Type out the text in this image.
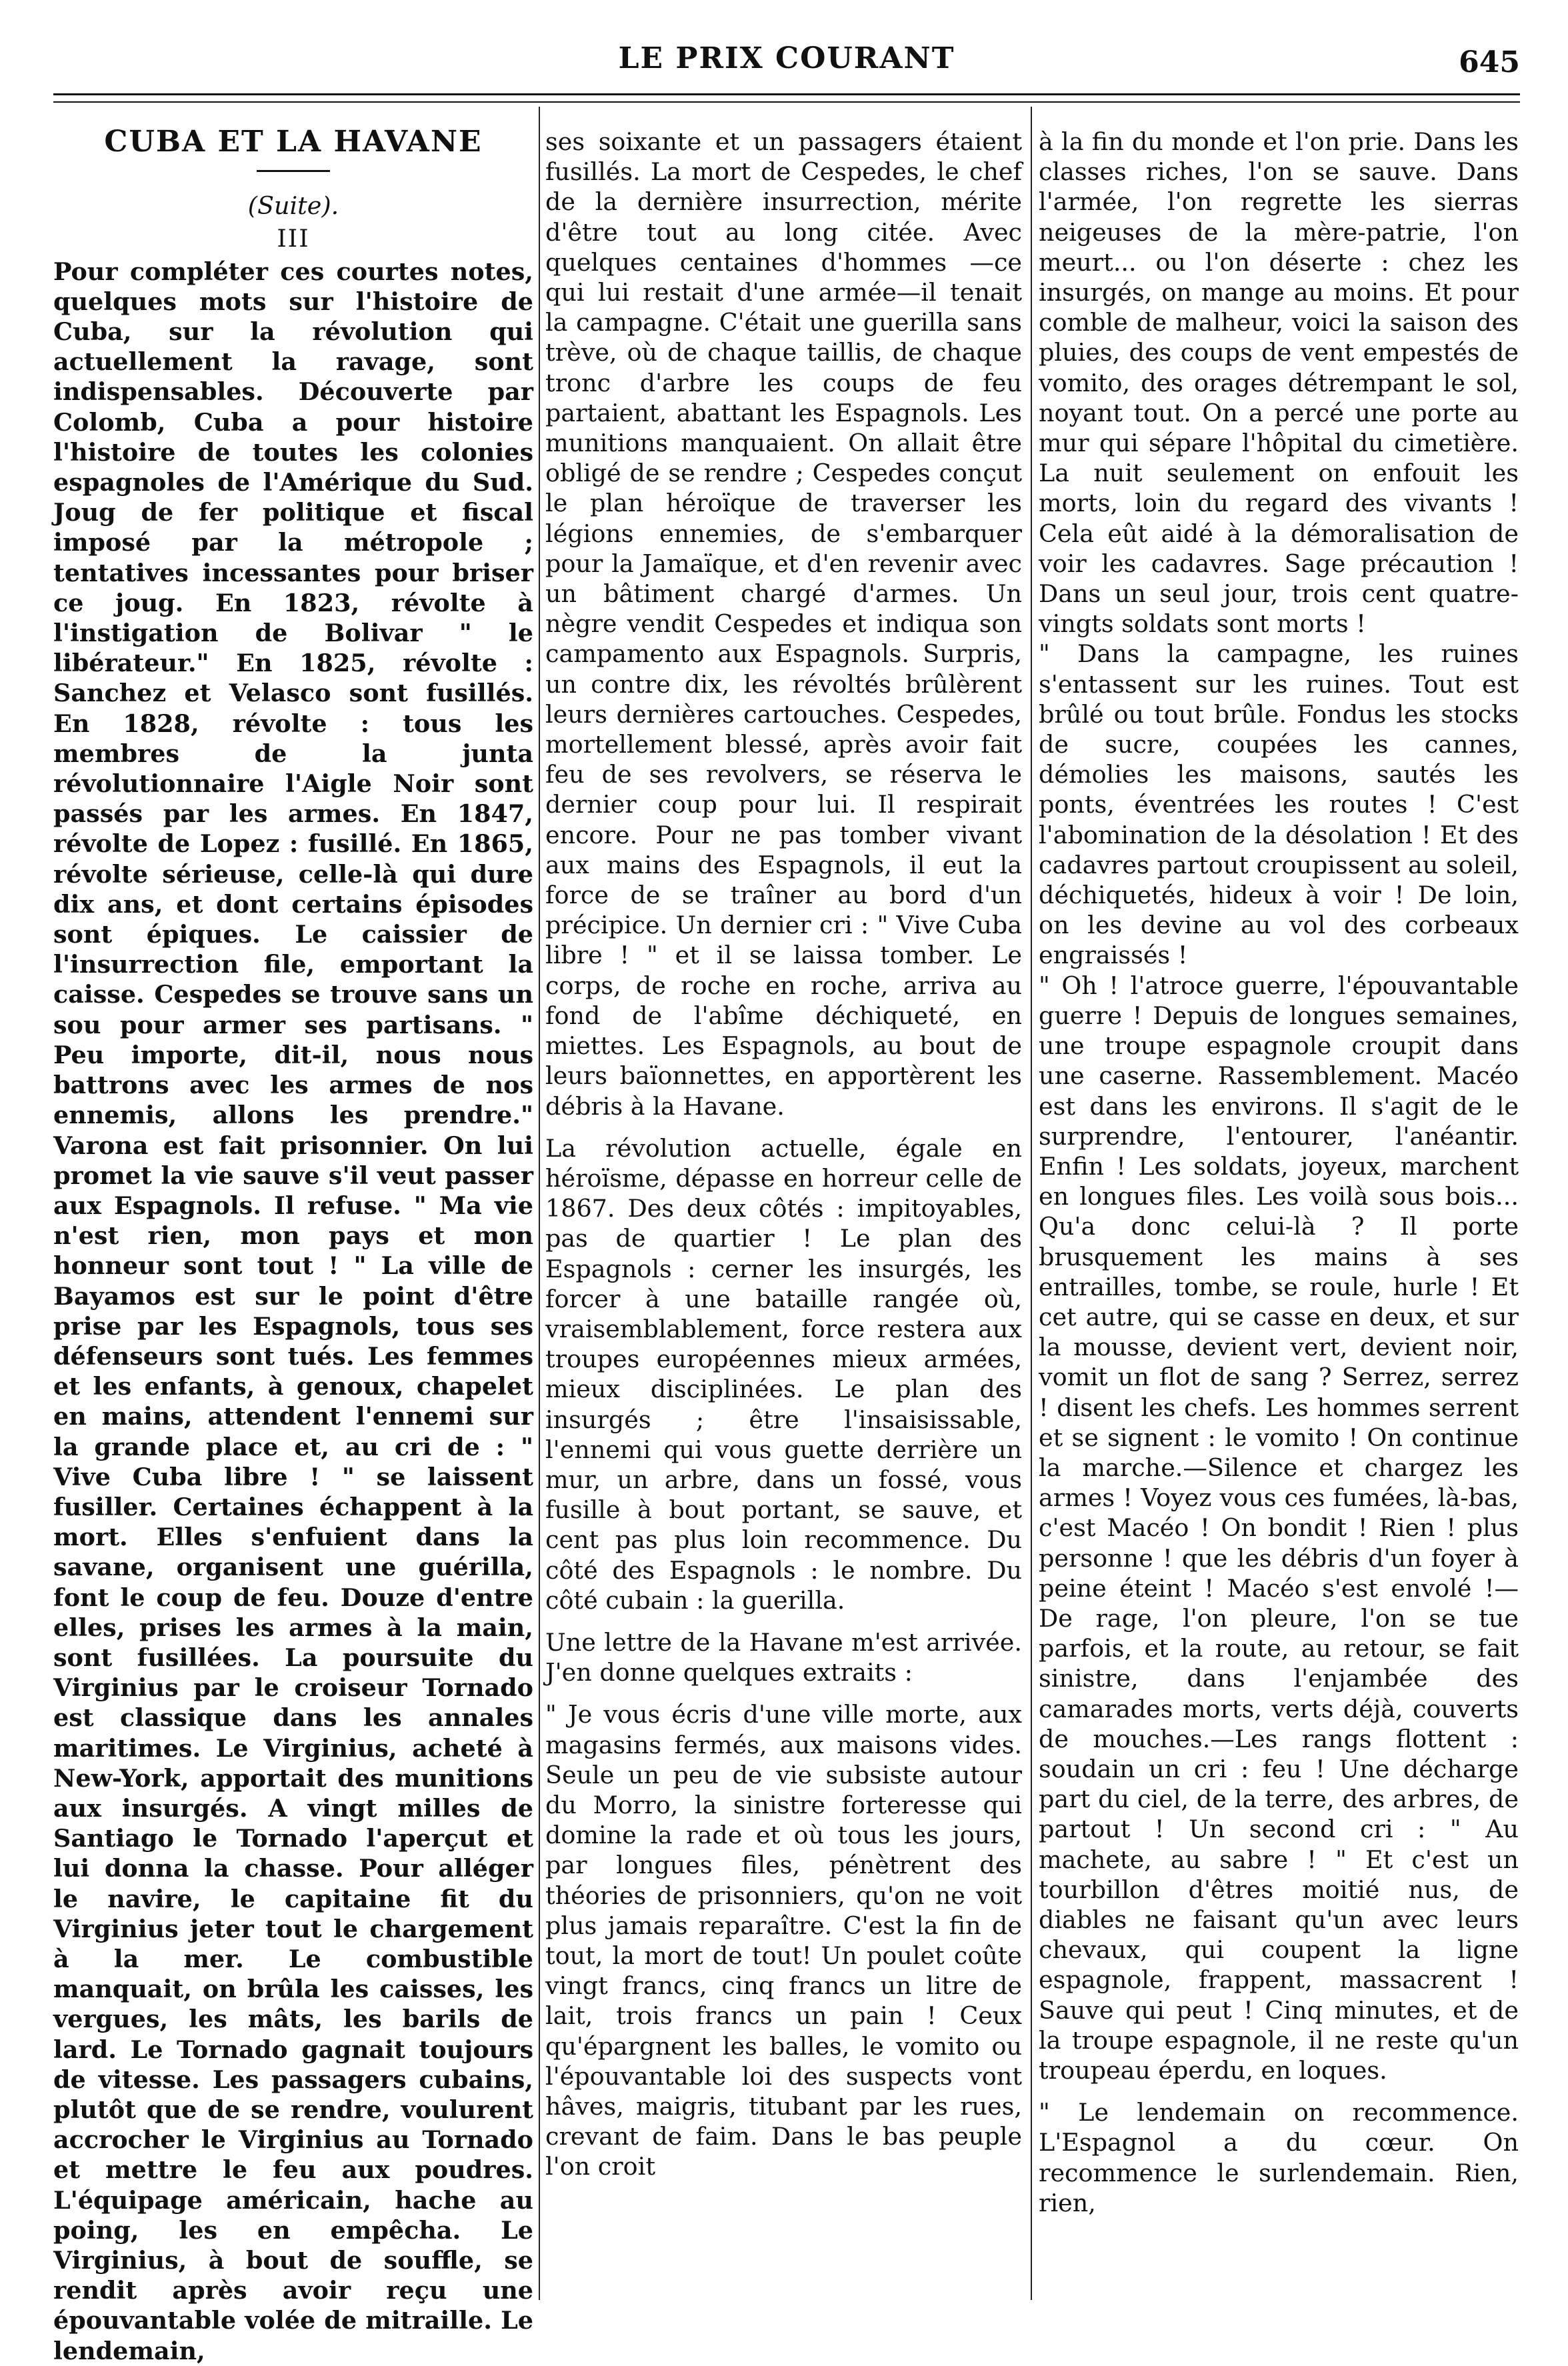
LE PRIX COURANT	645
CUBA ET LA HAVANE
(Suite).
III

Pour compléter ces courtes notes, quelques mots sur l'histoire de Cuba, sur la révolution qui actuellement la ravage, sont indispensables. Découverte par Colomb, Cuba a pour histoire l'histoire de toutes les colonies espagnoles de l'Amérique du Sud. Joug de fer politique et fiscal imposé par la métropole ; tentatives incessantes pour briser ce joug. En 1823, révolte à l'instigation de Bolivar " le libérateur." En 1825, révolte : Sanchez et Velasco sont fusillés. En 1828, révolte : tous les membres de la junta révolutionnaire l'Aigle Noir sont passés par les armes. En 1847, révolte de Lopez : fusillé. En 1865, révolte sérieuse, celle-là qui dure dix ans, et dont certains épisodes sont épiques. Le caissier de l'insurrection file, emportant la caisse. Cespedes se trouve sans un sou pour armer ses partisans. " Peu importe, dit-il, nous nous battrons avec les armes de nos ennemis, allons les prendre." Varona est fait prisonnier. On lui promet la vie sauve s'il veut passer aux Espagnols. Il refuse. " Ma vie n'est rien, mon pays et mon honneur sont tout ! " La ville de Bayamos est sur le point d'être prise par les Espagnols, tous ses défenseurs sont tués. Les femmes et les enfants, à genoux, chapelet en mains, attendent l'ennemi sur la grande place et, au cri de : " Vive Cuba libre ! " se laissent fusiller. Certaines échappent à la mort. Elles s'enfuient dans la savane, organisent une guérilla, font le coup de feu. Douze d'entre elles, prises les armes à la main, sont fusillées. La poursuite du Virginius par le croiseur Tornado est classique dans les annales maritimes. Le Virginius, acheté à New-York, apportait des munitions aux insurgés. A vingt milles de Santiago le Tornado l'aperçut et lui donna la chasse. Pour alléger le navire, le capitaine fit du Virginius jeter tout le chargement à la mer. Le combustible manquait, on brûla les caisses, les vergues, les mâts, les barils de lard. Le Tornado gagnait toujours de vitesse. Les passagers cubains, plutôt que de se rendre, voulurent accrocher le Virginius au Tornado et mettre le feu aux poudres. L'équipage américain, hache au poing, les en empêcha. Le Virginius, à bout de souffle, se rendit après avoir reçu une épouvantable volée de mitraille. Le lendemain,

ses soixante et un passagers étaient fusillés. La mort de Cespedes, le chef de la dernière insurrection, mérite d'être tout au long citée. Avec quelques centaines d'hommes —ce qui lui restait d'une armée—il tenait la campagne. C'était une guerilla sans trève, où de chaque taillis, de chaque tronc d'arbre les coups de feu partaient, abattant les Espagnols. Les munitions manquaient. On allait être obligé de se rendre ; Cespedes conçut le plan héroïque de traverser les légions ennemies, de s'embarquer pour la Jamaïque, et d'en revenir avec un bâtiment chargé d'armes. Un nègre vendit Cespedes et indiqua son campamento aux Espagnols. Surpris, un contre dix, les révoltés brûlèrent leurs dernières cartouches. Cespedes, mortellement blessé, après avoir fait feu de ses revolvers, se réserva le dernier coup pour lui. Il respirait encore. Pour ne pas tomber vivant aux mains des Espagnols, il eut la force de se traîner au bord d'un précipice. Un dernier cri : " Vive Cuba libre ! " et il se laissa tomber. Le corps, de roche en roche, arriva au fond de l'abîme déchiqueté, en miettes. Les Espagnols, au bout de leurs baïonnettes, en apportèrent les débris à la Havane.

La révolution actuelle, égale en héroïsme, dépasse en horreur celle de 1867. Des deux côtés : impitoyables, pas de quartier ! Le plan des Espagnols : cerner les insurgés, les forcer à une bataille rangée où, vraisemblablement, force restera aux troupes européennes mieux armées, mieux disciplinées. Le plan des insurgés ; être l'insaisissable, l'ennemi qui vous guette derrière un mur, un arbre, dans un fossé, vous fusille à bout portant, se sauve, et cent pas plus loin recommence. Du côté des Espagnols : le nombre. Du côté cubain : la guerilla.

Une lettre de la Havane m'est arrivée. J'en donne quelques extraits :

" Je vous écris d'une ville morte, aux magasins fermés, aux maisons vides. Seule un peu de vie subsiste autour du Morro, la sinistre forteresse qui domine la rade et où tous les jours, par longues files, pénètrent des théories de prisonniers, qu'on ne voit plus jamais reparaître. C'est la fin de tout, la mort de tout! Un poulet coûte vingt francs, cinq francs un litre de lait, trois francs un pain ! Ceux qu'épargnent les balles, le vomito ou l'épouvantable loi des suspects vont hâves, maigris, titubant par les rues, crevant de faim. Dans le bas peuple l'on croit

à la fin du monde et l'on prie. Dans les classes riches, l'on se sauve. Dans l'armée, l'on regrette les sierras neigeuses de la mère-patrie, l'on meurt... ou l'on déserte : chez les insurgés, on mange au moins. Et pour comble de malheur, voici la saison des pluies, des coups de vent empestés de vomito, des orages détrempant le sol, noyant tout. On a percé une porte au mur qui sépare l'hôpital du cimetière. La nuit seulement on enfouit les morts, loin du regard des vivants ! Cela eût aidé à la démoralisation de voir les cadavres. Sage précaution ! Dans un seul jour, trois cent quatre-vingts soldats sont morts !

" Dans la campagne, les ruines s'entassent sur les ruines. Tout est brûlé ou tout brûle. Fondus les stocks de sucre, coupées les cannes, démolies les maisons, sautés les ponts, éventrées les routes ! C'est l'abomination de la désolation ! Et des cadavres partout croupissent au soleil, déchiquetés, hideux à voir ! De loin, on les devine au vol des corbeaux engraissés !

" Oh ! l'atroce guerre, l'épouvantable guerre ! Depuis de longues semaines, une troupe espagnole croupit dans une caserne. Rassemblement. Macéo est dans les environs. Il s'agit de le surprendre, l'entourer, l'anéantir. Enfin ! Les soldats, joyeux, marchent en longues files. Les voilà sous bois... Qu'a donc celui-là ? Il porte brusquement les mains à ses entrailles, tombe, se roule, hurle ! Et cet autre, qui se casse en deux, et sur la mousse, devient vert, devient noir, vomit un flot de sang ? Serrez, serrez ! disent les chefs. Les hommes serrent et se signent : le vomito ! On continue la marche.—Silence et chargez les armes ! Voyez vous ces fumées, là-bas, c'est Macéo ! On bondit ! Rien ! plus personne ! que les débris d'un foyer à peine éteint ! Macéo s'est envolé !—De rage, l'on pleure, l'on se tue parfois, et la route, au retour, se fait sinistre, dans l'enjambée des camarades morts, verts déjà, couverts de mouches.—Les rangs flottent : soudain un cri : feu ! Une décharge part du ciel, de la terre, des arbres, de partout ! Un second cri : " Au machete, au sabre ! " Et c'est un tourbillon d'êtres moitié nus, de diables ne faisant qu'un avec leurs chevaux, qui coupent la ligne espagnole, frappent, massacrent ! Sauve qui peut ! Cinq minutes, et de la troupe espagnole, il ne reste qu'un troupeau éperdu, en loques.

" Le lendemain on recommence. L'Espagnol a du cœur. On recommence le surlendemain. Rien, rien,
